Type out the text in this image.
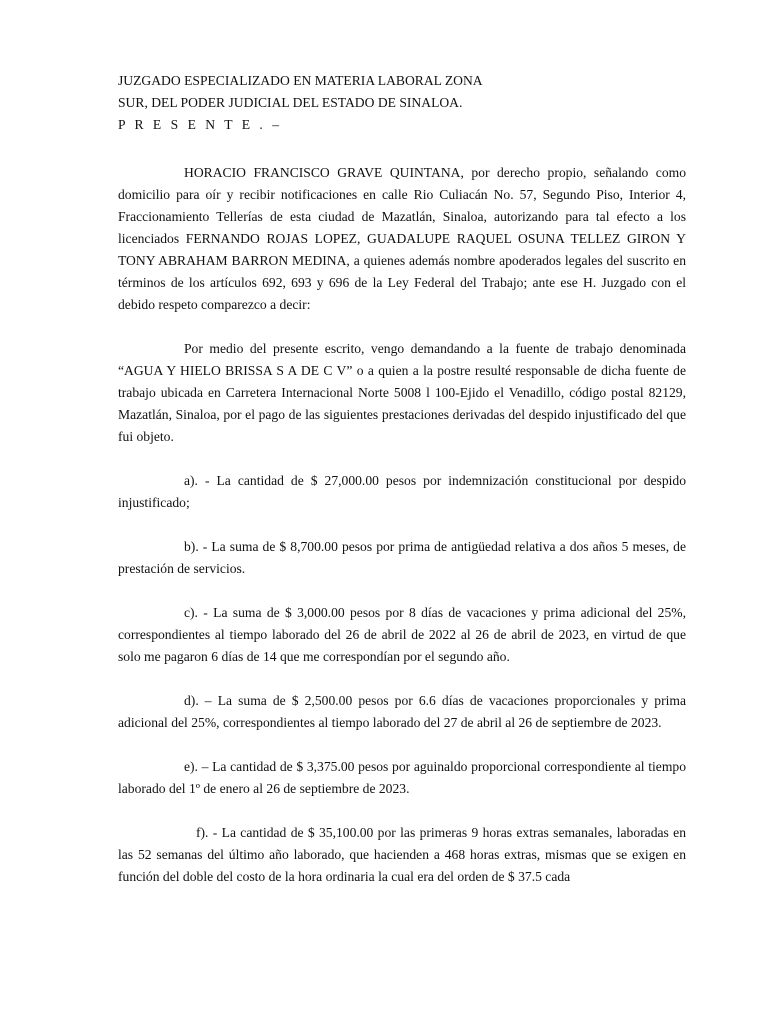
JUZGADO ESPECIALIZADO EN MATERIA LABORAL ZONA
SUR, DEL PODER JUDICIAL DEL ESTADO DE SINALOA.
P R E S E N T E . –

HORACIO FRANCISCO GRAVE QUINTANA, por derecho propio, señalando como domicilio para oír y recibir notificaciones en calle Rio Culiacán No. 57, Segundo Piso, Interior 4, Fraccionamiento Tellerías de esta ciudad de Mazatlán, Sinaloa, autorizando para tal efecto a los licenciados FERNANDO ROJAS LOPEZ, GUADALUPE RAQUEL OSUNA TELLEZ GIRON Y TONY ABRAHAM BARRON MEDINA, a quienes además nombre apoderados legales del suscrito en términos de los artículos 692, 693 y 696 de la Ley Federal del Trabajo; ante ese H. Juzgado con el debido respeto comparezco a decir:

Por medio del presente escrito, vengo demandando a la fuente de trabajo denominada “AGUA Y HIELO BRISSA S A DE C V” o a quien a la postre resulté responsable de dicha fuente de trabajo ubicada en Carretera Internacional Norte 5008 l 100-Ejido el Venadillo, código postal 82129, Mazatlán, Sinaloa, por el pago de las siguientes prestaciones derivadas del despido injustificado del que fui objeto.

a). - La cantidad de $ 27,000.00 pesos por indemnización constitucional por despido injustificado;

b). - La suma de $ 8,700.00 pesos por prima de antigüedad relativa a dos años 5 meses, de prestación de servicios.

c). - La suma de $ 3,000.00 pesos por 8 días de vacaciones y prima adicional del 25%, correspondientes al tiempo laborado del 26 de abril de 2022 al 26 de abril de 2023, en virtud de que solo me pagaron 6 días de 14 que me correspondían por el segundo año.

d). – La suma de $ 2,500.00 pesos por 6.6 días de vacaciones proporcionales y prima adicional del 25%, correspondientes al tiempo laborado del 27 de abril al 26 de septiembre de 2023.

e). – La cantidad de $ 3,375.00 pesos por aguinaldo proporcional correspondiente al tiempo laborado del 1º de enero al 26 de septiembre de 2023.

f). - La cantidad de $ 35,100.00 por las primeras 9 horas extras semanales, laboradas en las 52 semanas del último año laborado, que hacienden a 468 horas extras, mismas que se exigen en función del doble del costo de la hora ordinaria la cual era del orden de $ 37.5 cada
